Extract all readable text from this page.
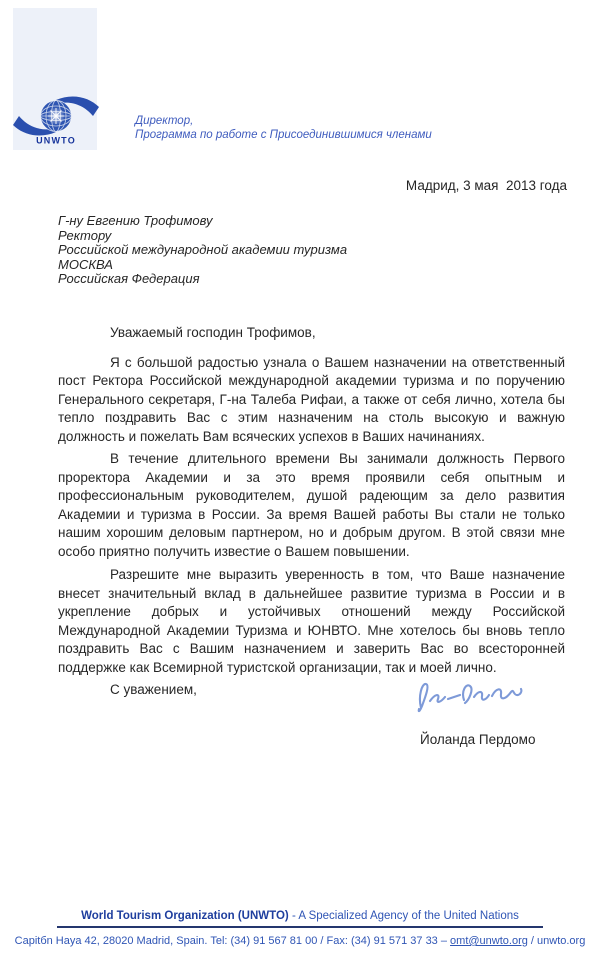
UNWTO
Директор,
Программа по работе с Присоединившимися членами
Мадрид, 3 мая  2013 года
Г-ну Евгению Трофимову
Ректору
Российской международной академии туризма
МОСКВА
Российская Федерация

Уважаемый господин Трофимов,

Я с большой радостью узнала о Вашем назначении на ответственный пост Ректора Российской международной академии туризма и по поручению Генерального секретаря, Г-на Талеба Рифаи, а также от себя лично, хотела бы тепло поздравить Вас с этим назначеним на столь высокую и важную должность и пожелать Вам всяческих успехов в Ваших начинаниях.

В течение длительного времени Вы занимали должность Первого проректора Академии и за это время проявили себя опытным и профессиональным руководителем, душой радеющим за дело развития Академии и туризма в России. За время Вашей работы Вы стали не только нашим хорошим деловым партнером, но и добрым другом. В этой связи мне особо приятно получить известие о Вашем повышении.

Разрешите мне выразить уверенность в том, что Ваше назначение внесет значительный вклад в дальнейшее развитие туризма в России и в укрепление добрых и устойчивых отношений между Российской Международной Академии Туризма и ЮНВТО. Мне хотелось бы вновь тепло поздравить Вас с Вашим назначением и заверить Вас во всесторонней поддержке как Всемирной туристской организации, так и моей лично.

С уважением,

Йоланда Пердомо
World Tourism Organization (UNWTO) - A Specialized Agency of the United Nations
Capitбn Haya 42, 28020 Madrid, Spain. Tel: (34) 91 567 81 00 / Fax: (34) 91 571 37 33 – omt@unwto.org / unwto.org
